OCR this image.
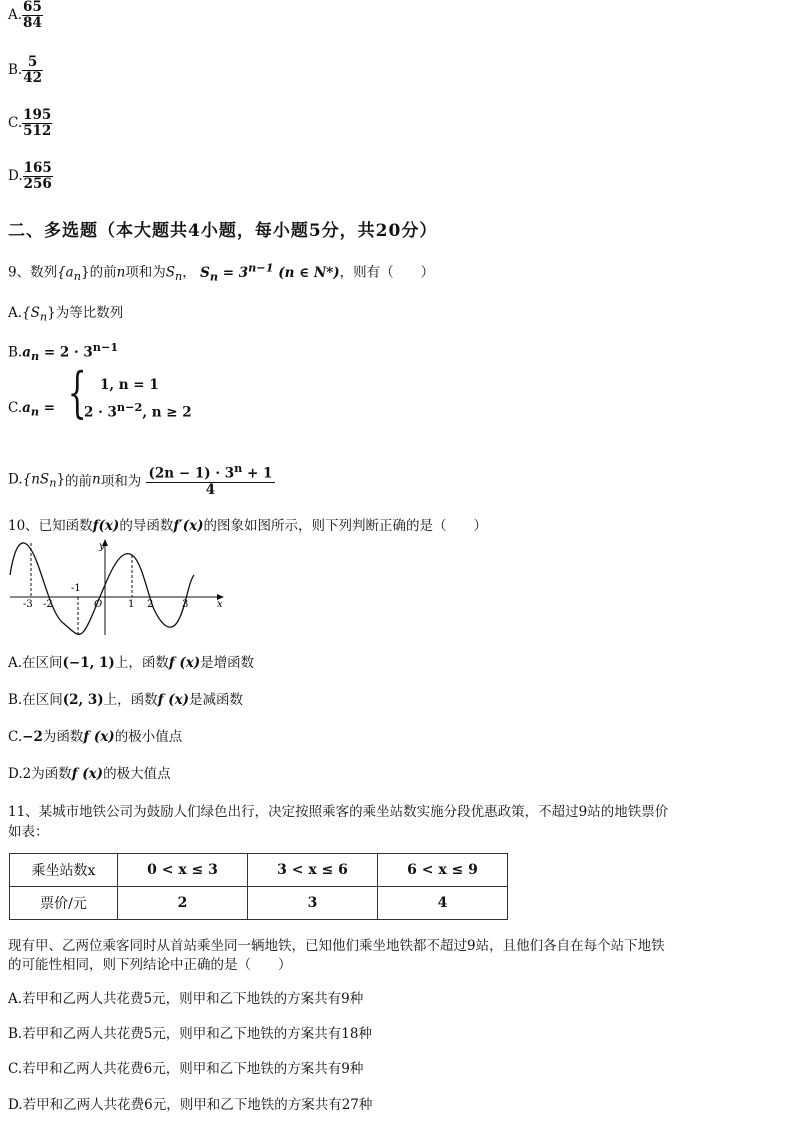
A. $\frac{65}{84}$
B. $\frac{5}{42}$
C. $\frac{195}{512}$
D. $\frac{165}{256}$
二、多选题（本大题共4小题，每小题5分，共20分）
9、数列$\{a_n\}$的前n项和为$S_n$， $S_n = 3^{n-1}$ (n ∈ N*)，则有（　　）
$A.\{S_n\}$为等比数列
$B.a_n = 2 \cdot 3^{n-1}$
$C.a_n$ = { 1, n = 1
$2 \cdot 3^{n-2}$, n ≥ 2
$D.\{nS_n\}$的前n项和为 $\frac{(2n - 1) \cdot 3^n + 1}{4}$
10、已知函数f(x)的导函数f′(x)的图象如图所示，则下列判断正确的是（　　）
y
x
O
-3 -2
-1
1 2	3
A.在区间(−1, 1)上，函数f (x)是增函数
B.在区间(2, 3)上，函数f (x)是减函数
C.−2为函数f (x)的极小值点
D.2为函数f (x)的极大值点
11、某城市地铁公司为鼓励人们绿色出行，决定按照乘客的乘坐站数实施分段优惠政策，不超过9站的地铁票价
如表：
乘坐站数x	0 < x ≤ 3	3 < x ≤ 6	6 < x ≤ 9
票价/元	2	3	4
现有甲、乙两位乘客同时从首站乘坐同一辆地铁，已知他们乘坐地铁都不超过9站，且他们各自在每个站下地铁
的可能性相同，则下列结论中正确的是（　　）
A.若甲和乙两人共花费5元，则甲和乙下地铁的方案共有9种
B.若甲和乙两人共花费5元，则甲和乙下地铁的方案共有18种
C.若甲和乙两人共花费6元，则甲和乙下地铁的方案共有9种
D.若甲和乙两人共花费6元，则甲和乙下地铁的方案共有27种
